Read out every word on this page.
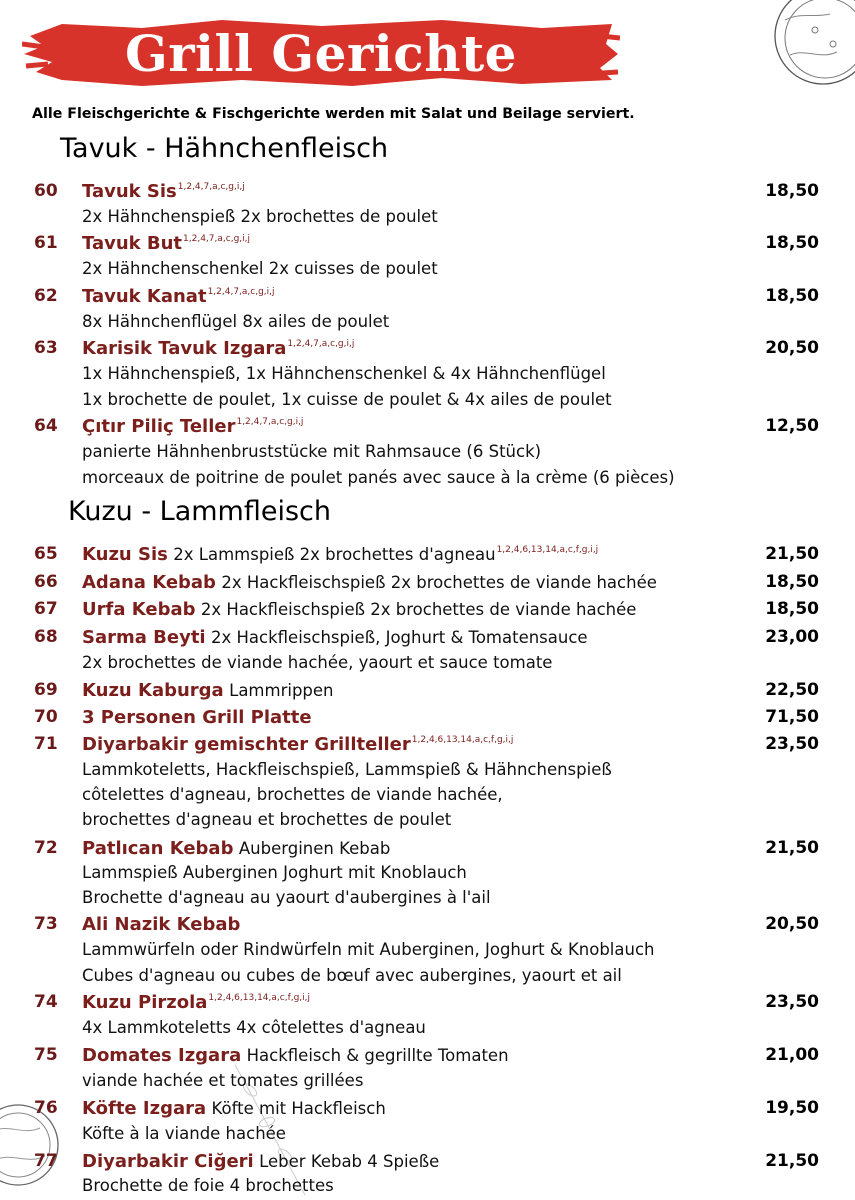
Grill Gerichte
Alle Fleischgerichte & Fischgerichte werden mit Salat und Beilage serviert.
Tavuk - Hähnchenfleisch
60 Tavuk Sis$^{1,2,4,7,a,c,g,i,j}$	18,50
2x Hähnchenspieß 2x brochettes de poulet
61 Tavuk But$^{1,2,4,7,a,c,g,i,j}$	18,50
2x Hähnchenschenkel 2x cuisses de poulet
62 Tavuk Kanat$^{1,2,4,7,a,c,g,i,j}$	18,50
8x Hähnchenflügel 8x ailes de poulet
63 Karisik Tavuk Izgara$^{1,2,4,7,a,c,g,i,j}$	20,50
1x Hähnchenspieß, 1x Hähnchenschenkel & 4x Hähnchenflügel
1x brochette de poulet, 1x cuisse de poulet & 4x ailes de poulet
64 Çıtır Piliç Teller$^{1,2,4,7,a,c,g,i,j}$	12,50
panierte Hähnhenbruststücke mit Rahmsauce (6 Stück)
morceaux de poitrine de poulet panés avec sauce à la crème (6 pièces)
Kuzu - Lammfleisch
65 Kuzu Sis 2x Lammspieß 2x brochettes d'agneau$^{1,2,4,6,13,14,a,c,f,g,i,j}$	21,50
66 Adana Kebab 2x Hackfleischspieß 2x brochettes de viande hachée	18,50
67 Urfa Kebab 2x Hackfleischspieß 2x brochettes de viande hachée	18,50
68 Sarma Beyti 2x Hackfleischspieß, Joghurt & Tomatensauce	23,00
2x brochettes de viande hachée, yaourt et sauce tomate
69 Kuzu Kaburga Lammrippen	22,50
70 3 Personen Grill Platte	71,50
71 Diyarbakir gemischter Grillteller$^{1,2,4,6,13,14,a,c,f,g,i,j}$	23,50
Lammkoteletts, Hackfleischspieß, Lammspieß & Hähnchenspieß
côtelettes d'agneau, brochettes de viande hachée,
brochettes d'agneau et brochettes de poulet
72 Patlıcan Kebab Auberginen Kebab	21,50
Lammspieß Auberginen Joghurt mit Knoblauch
Brochette d'agneau au yaourt d'aubergines à l'ail
73 Ali Nazik Kebab	20,50
Lammwürfeln oder Rindwürfeln mit Auberginen, Joghurt & Knoblauch
Cubes d'agneau ou cubes de bœuf avec aubergines, yaourt et ail
74 Kuzu Pirzola$^{1,2,4,6,13,14,a,c,f,g,i,j}$	23,50
4x Lammkoteletts 4x côtelettes d'agneau
75 Domates Izgara Hackfleisch & gegrillte Tomaten	21,00
viande hachée et tomates grillées
76 Köfte Izgara Köfte mit Hackfleisch	19,50
Köfte à la viande hachée
77 Diyarbakir Ciğeri Leber Kebab 4 Spieße	21,50
Brochette de foie 4 brochettes
